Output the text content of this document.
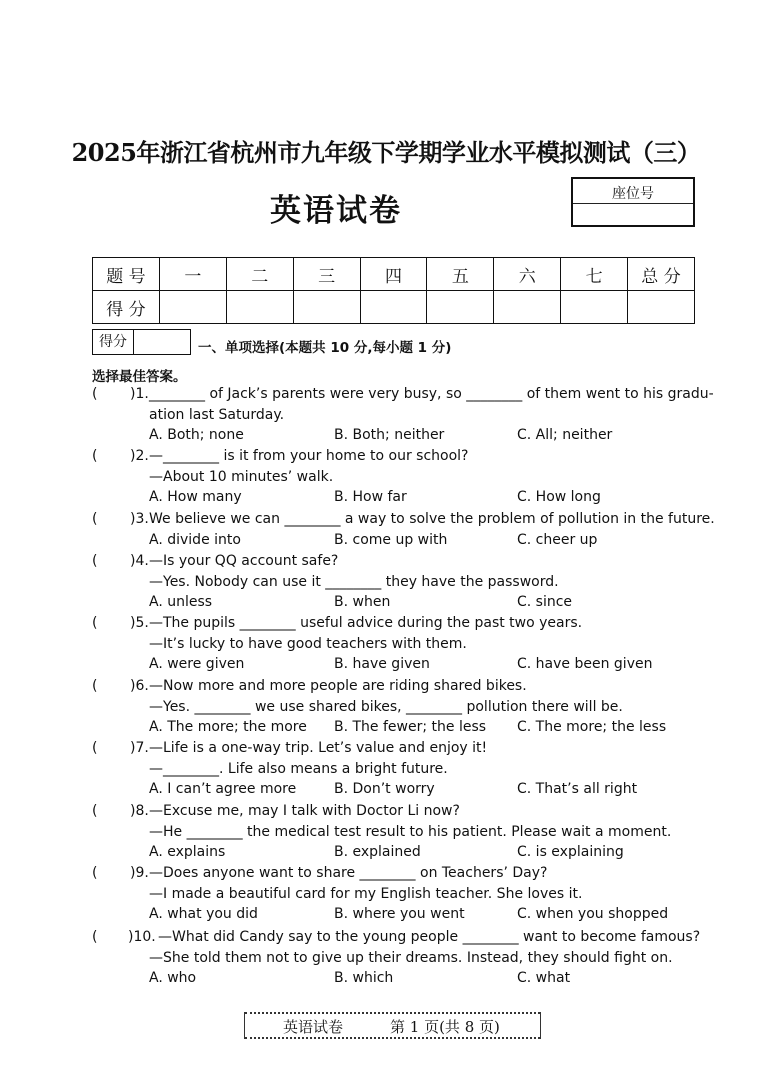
2025年浙江省杭州市九年级下学期学业水平模拟测试（三）
英语试卷	座位号
题 号	一	二	三	四	五	六	七	总 分
得 分								
得分	一、单项选择(本题共 10 分,每小题 1 分)
选择最佳答案。
( )1. ________ of Jack’s parents were very busy, so ________ of them went to his gradu-
ation last Saturday.
A. Both; none	B. Both; neither	C. All; neither
( )2. —________ is it from your home to our school?
—About 10 minutes’ walk.
A. How many	B. How far	C. How long
( )3. We believe we can ________ a way to solve the problem of pollution in the future.
A. divide into	B. come up with	C. cheer up
( )4. —Is your QQ account safe?
—Yes. Nobody can use it ________ they have the password.
A. unless	B. when	C. since
( )5. —The pupils ________ useful advice during the past two years.
—It’s lucky to have good teachers with them.
A. were given	B. have given	C. have been given
( )6. —Now more and more people are riding shared bikes.
—Yes. ________ we use shared bikes, ________ pollution there will be.
A. The more; the more B. The fewer; the less C. The more; the less
( )7. —Life is a one-way trip. Let’s value and enjoy it!
—________. Life also means a bright future.
A. I can’t agree more	B. Don’t worry	C. That’s all right
( )8. —Excuse me, may I talk with Doctor Li now?
—He ________ the medical test result to his patient. Please wait a moment.
A. explains	B. explained	C. is explaining
( )9. —Does anyone want to share ________ on Teachers’ Day?
—I made a beautiful card for my English teacher. She loves it.
A. what you did	B. where you went	C. when you shopped
( )10. —What did Candy say to the young people ________ want to become famous?
—She told them not to give up their dreams. Instead, they should fight on.
A. who	B. which	C. what
英语试卷	第 1 页(共 8 页)
